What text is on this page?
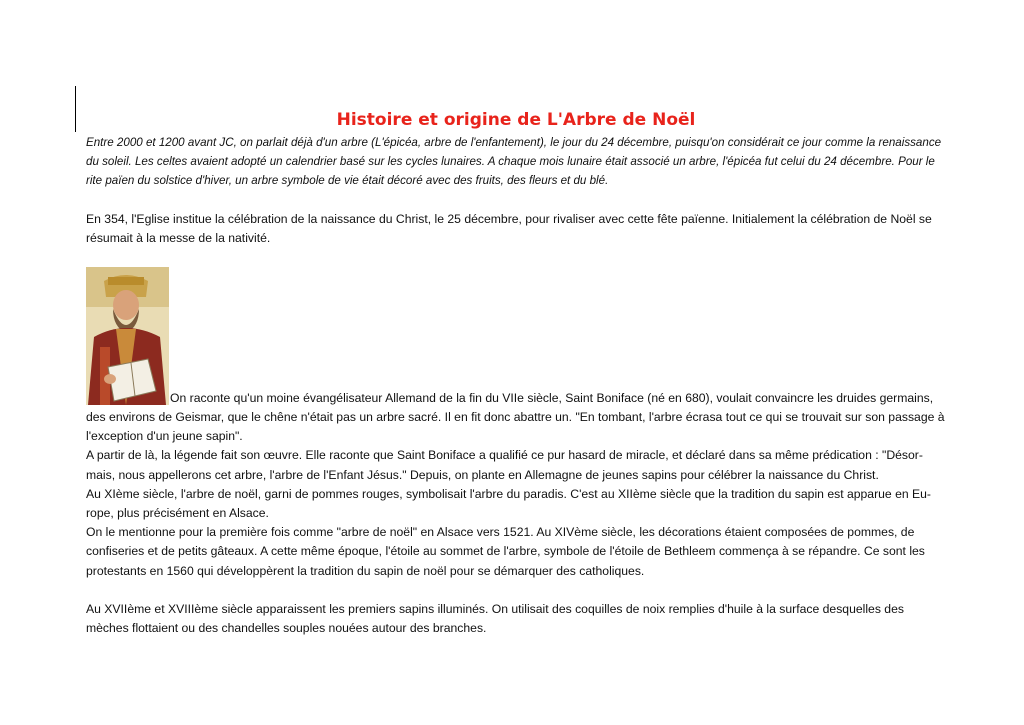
Histoire et origine de L'Arbre de Noël

Entre 2000 et 1200 avant JC, on parlait déjà d'un arbre (L'épicéa, arbre de l'enfantement), le jour du 24 décembre, puisqu'on considérait ce jour comme la renaissance du soleil. Les celtes avaient adopté un calendrier basé sur les cycles lunaires. A chaque mois lunaire était associé un arbre, l'épicéa fut celui du 24 décembre. Pour le rite païen du solstice d'hiver, un arbre symbole de vie était décoré avec des fruits, des fleurs et du blé.

En 354, l'Eglise institue la célébration de la naissance du Christ, le 25 décembre, pour rivaliser avec cette fête païenne. Initialement la célébration de Noël se résumait à la messe de la nativité.

On raconte qu'un moine évangélisateur Allemand de la fin du VIIe siècle, Saint Boniface (né en 680), voulait convaincre les druides germains,

des environs de Geismar, que le chêne n'était pas un arbre sacré. Il en fit donc abattre un. "En tombant, l'arbre écrasa tout ce qui se trouvait sur son passage à l'exception d'un jeune sapin".

A partir de là, la légende fait son œuvre. Elle raconte que Saint Boniface a qualifié ce pur hasard de miracle, et déclaré dans sa même prédication : "Désor-mais, nous appellerons cet arbre, l'arbre de l'Enfant Jésus." Depuis, on plante en Allemagne de jeunes sapins pour célébrer la naissance du Christ.

Au XIème siècle, l'arbre de noël, garni de pommes rouges, symbolisait l'arbre du paradis. C'est au XIIème siècle que la tradition du sapin est apparue en Eu-rope, plus précisément en Alsace.

On le mentionne pour la première fois comme "arbre de noël" en Alsace vers 1521. Au XIVème siècle, les décorations étaient composées de pommes, de confiseries et de petits gâteaux. A cette même époque, l'étoile au sommet de l'arbre, symbole de l'étoile de Bethleem commença à se répandre. Ce sont les protestants en 1560 qui développèrent la tradition du sapin de noël pour se démarquer des catholiques.

Au XVIIème et XVIIIème siècle apparaissent les premiers sapins illuminés. On utilisait des coquilles de noix remplies d'huile à la surface desquelles des mèches flottaient ou des chandelles souples nouées autour des branches.
